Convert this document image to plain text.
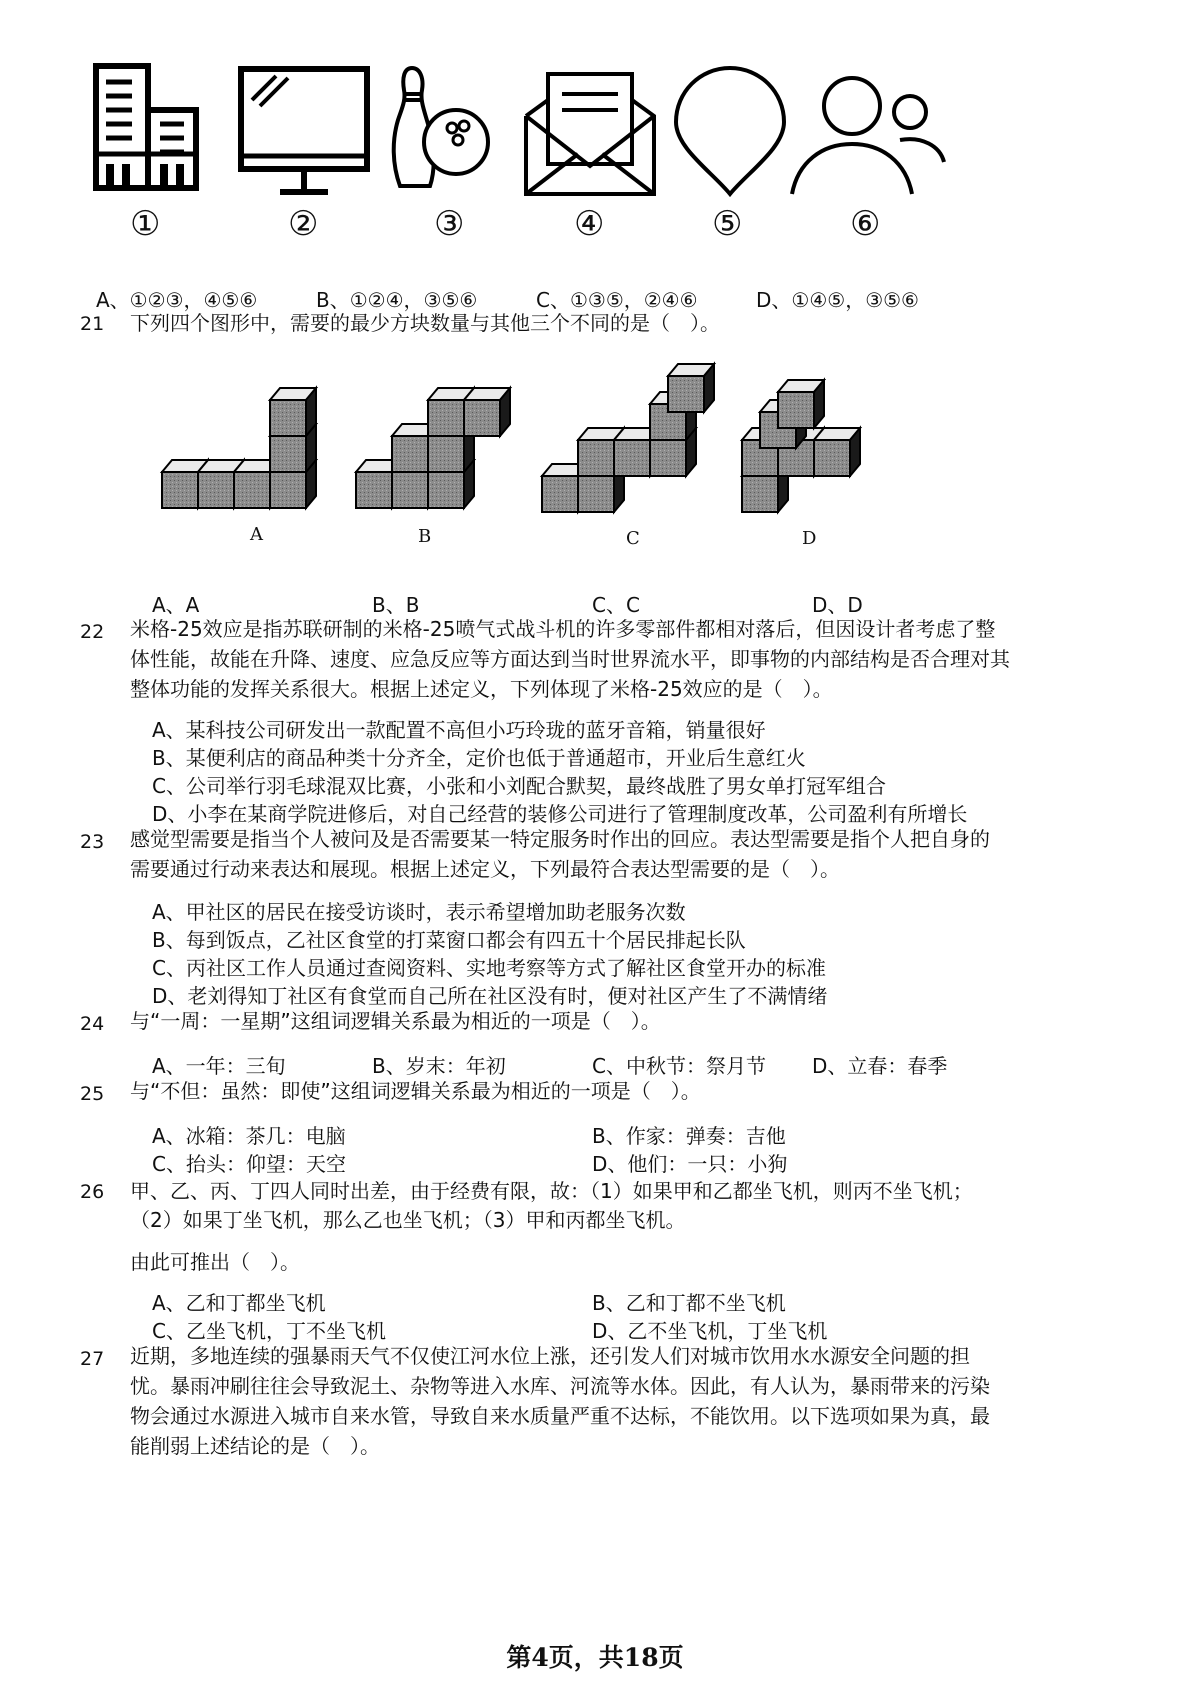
①	②	③	④	⑤	⑥
A、①②③，④⑤⑥	B、①②④，③⑤⑥	C、①③⑤，②④⑥	D、①④⑤，③⑤⑥
21 下列四个图形中，需要的最少方块数量与其他三个不同的是（　）。
A	B	C	D
A、A	B、B	C、C	D、D
22 米格-25效应是指苏联研制的米格-25喷气式战斗机的许多零部件都相对落后，但因设计者考虑了整体性能，故能在升降、速度、应急反应等方面达到当时世界流水平，即事物的内部结构是否合理对其整体功能的发挥关系很大。根据上述定义，下列体现了米格-25效应的是（　）。
A、某科技公司研发出一款配置不高但小巧玲珑的蓝牙音箱，销量很好
B、某便利店的商品种类十分齐全，定价也低于普通超市，开业后生意红火
C、公司举行羽毛球混双比赛，小张和小刘配合默契，最终战胜了男女单打冠军组合
D、小李在某商学院进修后，对自己经营的装修公司进行了管理制度改革，公司盈利有所增长
23 感觉型需要是指当个人被问及是否需要某一特定服务时作出的回应。表达型需要是指个人把自身的需要通过行动来表达和展现。根据上述定义，下列最符合表达型需要的是（　）。
A、甲社区的居民在接受访谈时，表示希望增加助老服务次数
B、每到饭点，乙社区食堂的打菜窗口都会有四五十个居民排起长队
C、丙社区工作人员通过查阅资料、实地考察等方式了解社区食堂开办的标准
D、老刘得知丁社区有食堂而自己所在社区没有时，便对社区产生了不满情绪
24 与“一周：一星期”这组词逻辑关系最为相近的一项是（　）。
A、一年：三旬	B、岁末：年初	C、中秋节：祭月节 D、立春：春季
25 与“不但：虽然：即使”这组词逻辑关系最为相近的一项是（　）。
A、冰箱：茶几：电脑	B、作家：弹奏：吉他
C、抬头：仰望：天空	D、他们：一只：小狗
26 甲、乙、丙、丁四人同时出差，由于经费有限，故：（1）如果甲和乙都坐飞机，则丙不坐飞机；
（2）如果丁坐飞机，那么乙也坐飞机；（3）甲和丙都坐飞机。
由此可推出（　）。
A、乙和丁都坐飞机	B、乙和丁都不坐飞机
C、乙坐飞机，丁不坐飞机	D、乙不坐飞机，丁坐飞机
27 近期，多地连续的强暴雨天气不仅使江河水位上涨，还引发人们对城市饮用水水源安全问题的担忧。暴雨冲刷往往会导致泥土、杂物等进入水库、河流等水体。因此，有人认为，暴雨带来的污染物会通过水源进入城市自来水管，导致自来水质量严重不达标，不能饮用。以下选项如果为真，最能削弱上述结论的是（　）。
第4页，共18页
